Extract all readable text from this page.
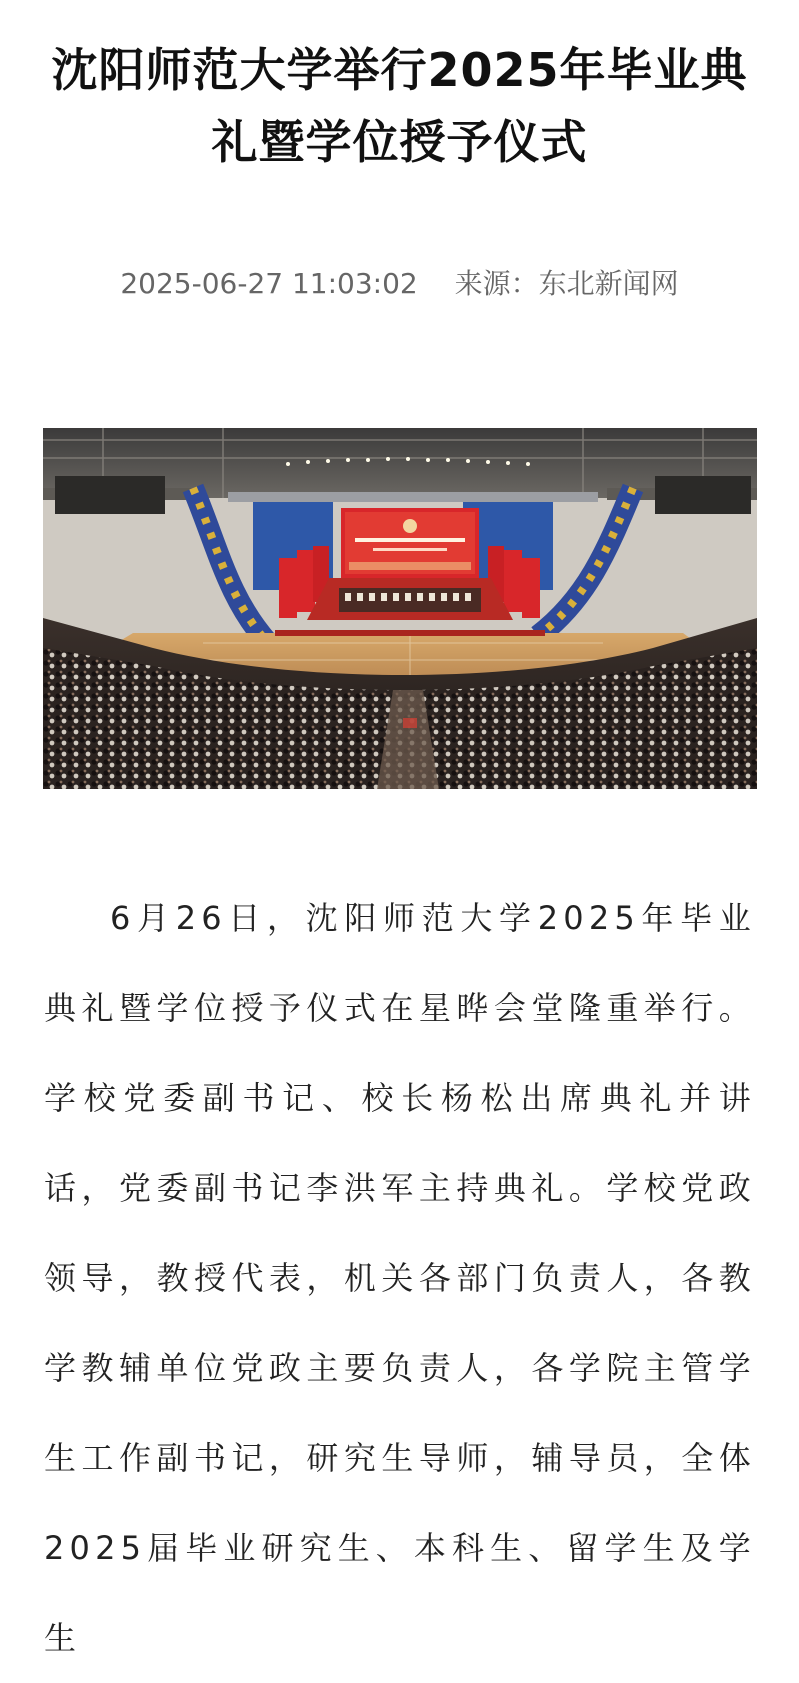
沈阳师范大学举行2025年毕业典礼暨学位授予仪式
2025-06-27 11:03:02 来源：东北新闻网

6月26日，沈阳师范大学2025年毕业典礼暨学位授予仪式在星晔会堂隆重举行。学校党委副书记、校长杨松出席典礼并讲话，党委副书记李洪军主持典礼。学校党政领导，教授代表，机关各部门负责人，各教学教辅单位党政主要负责人，各学院主管学生工作副书记，研究生导师，辅导员，全体2025届毕业研究生、本科生、留学生及学生
